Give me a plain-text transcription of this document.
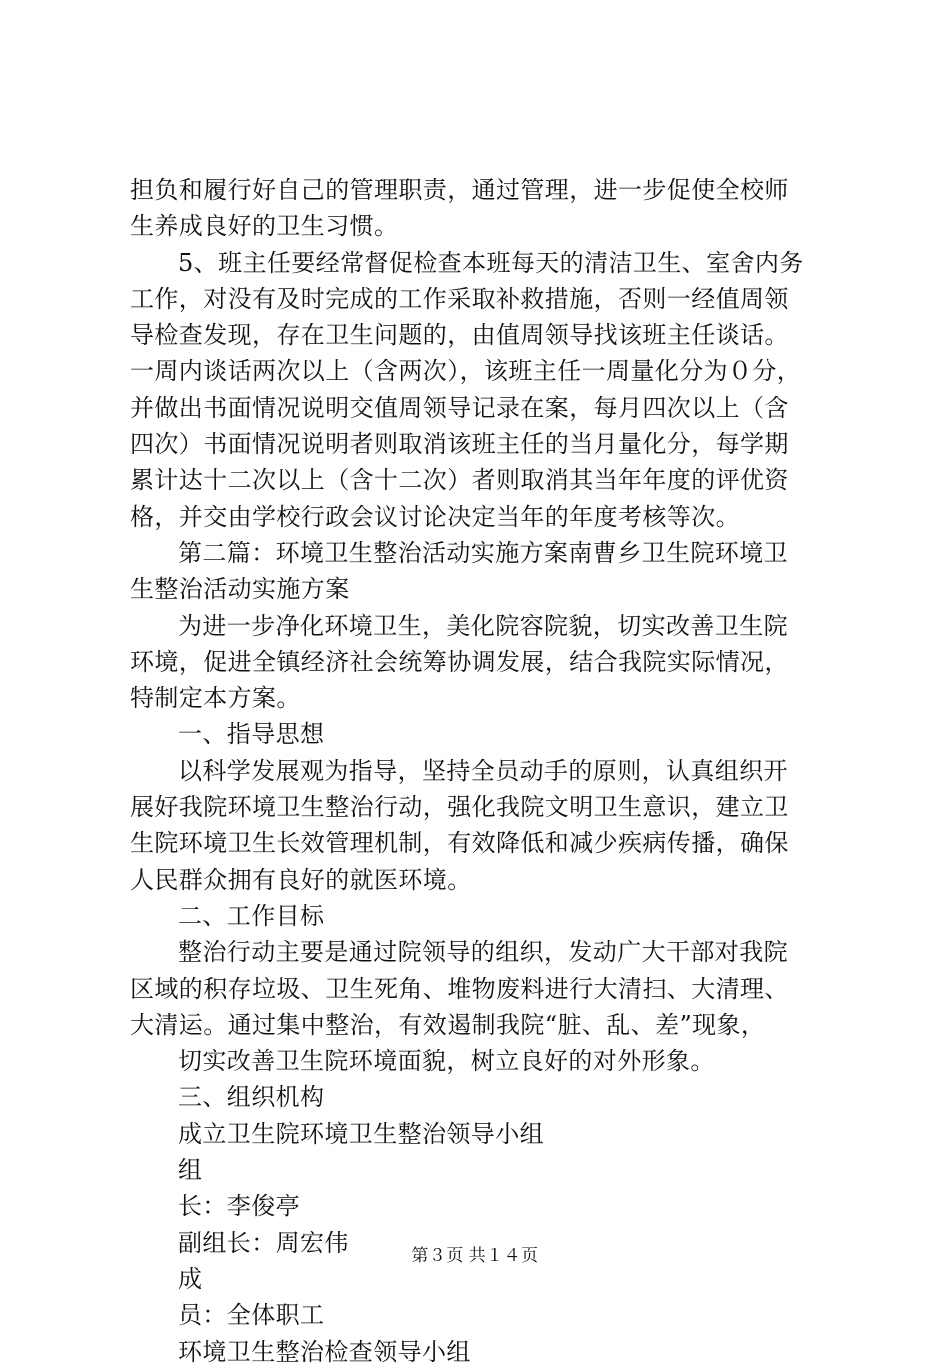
担负和履行好自己的管理职责，通过管理，进一步促使全校师
生养成良好的卫生习惯。
5、班主任要经常督促检查本班每天的清洁卫生、室舍内务
工作，对没有及时完成的工作采取补救措施，否则一经值周领
导检查发现，存在卫生问题的，由值周领导找该班主任谈话。
一周内谈话两次以上（含两次），该班主任一周量化分为０分，
并做出书面情况说明交值周领导记录在案，每月四次以上（含
四次）书面情况说明者则取消该班主任的当月量化分，每学期
累计达十二次以上（含十二次）者则取消其当年年度的评优资
格，并交由学校行政会议讨论决定当年的年度考核等次。
第二篇：环境卫生整治活动实施方案南曹乡卫生院环境卫
生整治活动实施方案
为进一步净化环境卫生，美化院容院貌，切实改善卫生院
环境，促进全镇经济社会统筹协调发展，结合我院实际情况，
特制定本方案。
一、指导思想
以科学发展观为指导，坚持全员动手的原则，认真组织开
展好我院环境卫生整治行动，强化我院文明卫生意识，建立卫
生院环境卫生长效管理机制，有效降低和减少疾病传播，确保
人民群众拥有良好的就医环境。
二、工作目标
整治行动主要是通过院领导的组织，发动广大干部对我院
区域的积存垃圾、卫生死角、堆物废料进行大清扫、大清理、
大清运。通过集中整治，有效遏制我院“脏、乱、差”现象，
切实改善卫生院环境面貌，树立良好的对外形象。
三、组织机构
成立卫生院环境卫生整治领导小组
组
长：李俊亭
副组长：周宏伟
成
员：全体职工
环境卫生整治检查领导小组
第３页 共１４页
